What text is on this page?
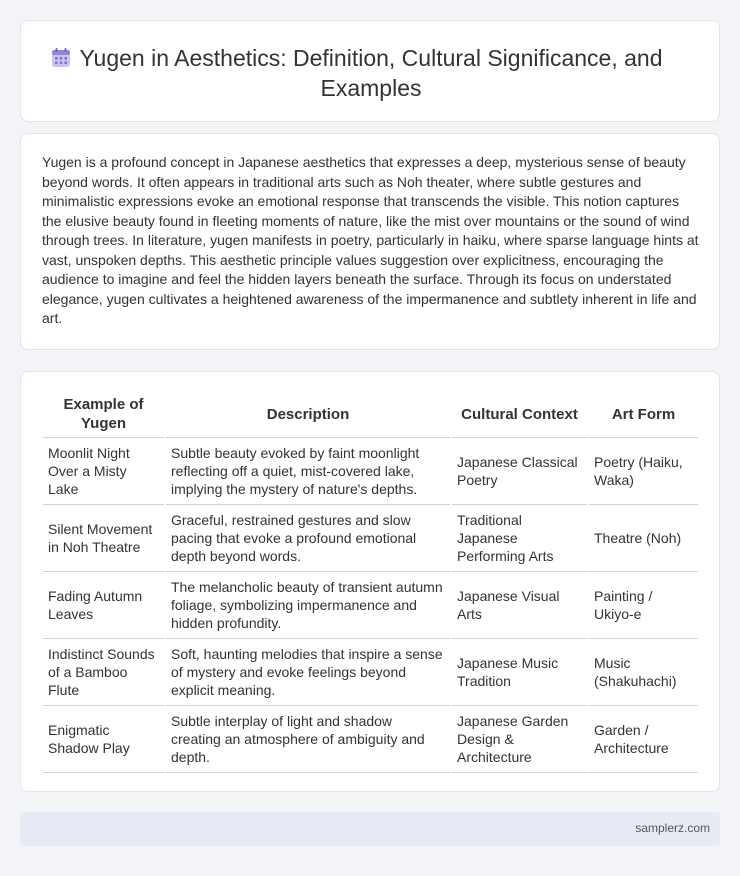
Yugen in Aesthetics: Definition, Cultural Significance, and Examples

Yugen is a profound concept in Japanese aesthetics that expresses a deep, mysterious sense of beauty beyond words. It often appears in traditional arts such as Noh theater, where subtle gestures and minimalistic expressions evoke an emotional response that transcends the visible. This notion captures the elusive beauty found in fleeting moments of nature, like the mist over mountains or the sound of wind through trees. In literature, yugen manifests in poetry, particularly in haiku, where sparse language hints at vast, unspoken depths. This aesthetic principle values suggestion over explicitness, encouraging the audience to imagine and feel the hidden layers beneath the surface. Through its focus on understated elegance, yugen cultivates a heightened awareness of the impermanence and subtlety inherent in life and art.

Example of Yugen	Description	Cultural Context	Art Form
Moonlit Night Over a Misty Lake	Subtle beauty evoked by faint moonlight reflecting off a quiet, mist-covered lake, implying the mystery of nature's depths.	Japanese Classical Poetry	Poetry (Haiku, Waka)
Silent Movement in Noh Theatre	Graceful, restrained gestures and slow pacing that evoke a profound emotional depth beyond words.	Traditional Japanese Performing Arts	Theatre (Noh)
Fading Autumn Leaves	The melancholic beauty of transient autumn foliage, symbolizing impermanence and hidden profundity.	Japanese Visual Arts	Painting / Ukiyo-e
Indistinct Sounds of a Bamboo Flute	Soft, haunting melodies that inspire a sense of mystery and evoke feelings beyond explicit meaning.	Japanese Music Tradition	Music (Shakuhachi)
Enigmatic Shadow Play	Subtle interplay of light and shadow creating an atmosphere of ambiguity and depth.	Japanese Garden Design & Architecture	Garden / Architecture
samplerz.com
